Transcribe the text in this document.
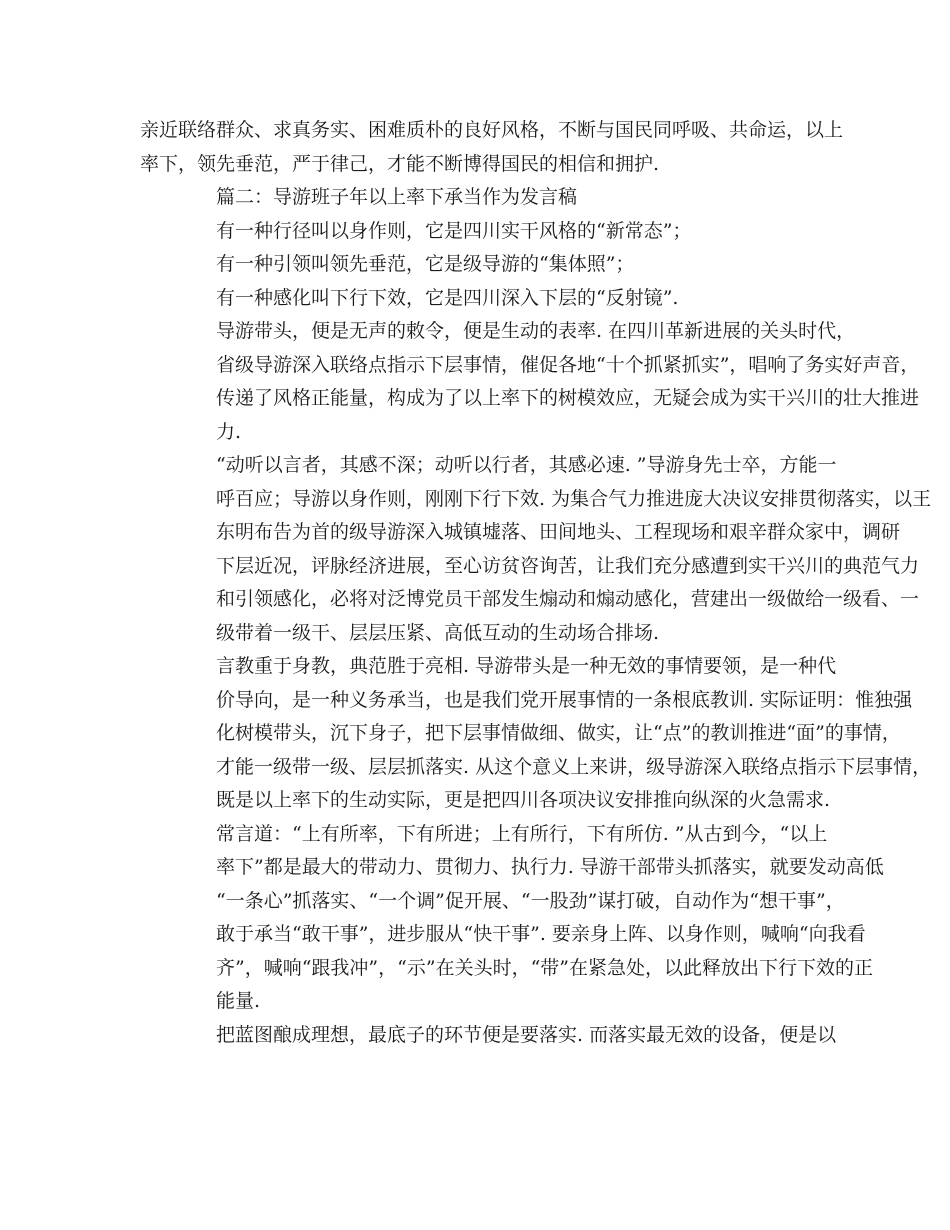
亲近联络群众、求真务实、困难质朴的良好风格，不断与国民同呼吸、共命运，以上
率下，领先垂范，严于律己，才能不断博得国民的相信和拥护.
篇二：导游班子年以上率下承当作为发言稿
有一种行径叫以身作则，它是四川实干风格的“新常态”；
有一种引领叫领先垂范，它是级导游的“集体照”；
有一种感化叫下行下效，它是四川深入下层的“反射镜”.
导游带头，便是无声的敕令，便是生动的表率. 在四川革新进展的关头时代，
省级导游深入联络点指示下层事情，催促各地“十个抓紧抓实”，唱响了务实好声音，
传递了风格正能量，构成为了以上率下的树模效应，无疑会成为实干兴川的壮大推进
力.
“动听以言者，其感不深；动听以行者，其感必速. ”导游身先士卒，方能一
呼百应；导游以身作则，刚刚下行下效. 为集合气力推进庞大决议安排贯彻落实，以王
东明布告为首的级导游深入城镇墟落、田间地头、工程现场和艰辛群众家中，调研
下层近况，评脉经济进展，至心访贫咨询苦，让我们充分感遭到实干兴川的典范气力
和引领感化，必将对泛博党员干部发生煽动和煽动感化，营建出一级做给一级看、一
级带着一级干、层层压紧、高低互动的生动场合排场.
言教重于身教，典范胜于亮相. 导游带头是一种无效的事情要领，是一种代
价导向，是一种义务承当，也是我们党开展事情的一条根底教训. 实际证明：惟独强
化树模带头，沉下身子，把下层事情做细、做实，让“点”的教训推进“面”的事情，
才能一级带一级、层层抓落实. 从这个意义上来讲，级导游深入联络点指示下层事情，
既是以上率下的生动实际，更是把四川各项决议安排推向纵深的火急需求.
常言道：“上有所率，下有所进；上有所行，下有所仿. ”从古到今，“以上
率下”都是最大的带动力、贯彻力、执行力. 导游干部带头抓落实，就要发动高低
“一条心”抓落实、“一个调”促开展、“一股劲”谋打破，自动作为“想干事”，
敢于承当“敢干事”，进步服从“快干事”. 要亲身上阵、以身作则，喊响“向我看
齐”，喊响“跟我冲”，“示”在关头时，“带”在紧急处，以此释放出下行下效的正
能量.
把蓝图酿成理想，最底子的环节便是要落实. 而落实最无效的设备，便是以
